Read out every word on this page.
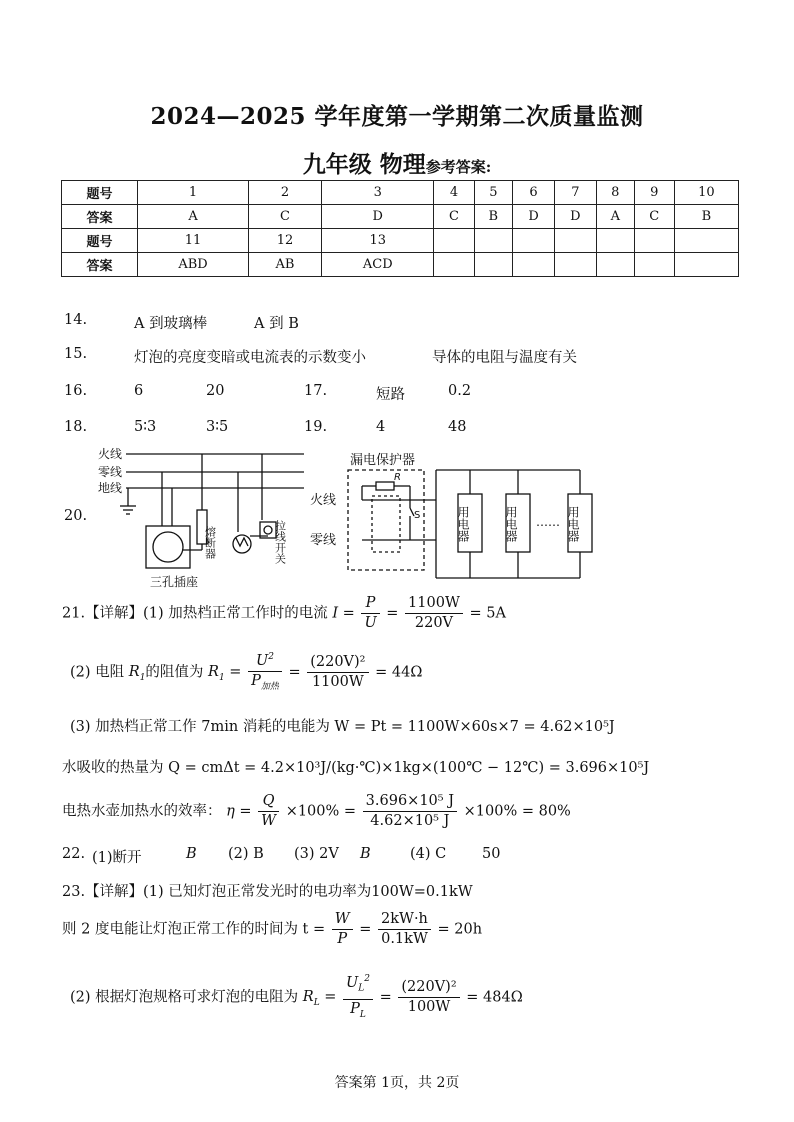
2024—2025 学年度第一学期第二次质量监测
九年级 物理参考答案:
题号	1	2	3	4	5	6	7	8	9	10
答案	A	C	D	C	B	D	D	A	C	B
题号	11	12	13							
答案	ABD	AB	ACD							
14.	A 到玻璃棒	A 到 B
15.	灯泡的亮度变暗或电流表的示数变小	导体的电阻与温度有关
16.	6	20	17.	短路	0.2
18.	5∶3	3∶5	19.	4	48
20.
火线
零线
地线
三孔插座
熔断器	拉线开关
漏电保护器
火线
零线
R
S	用电器	用电器	用电器
……
21.【详解】(1) 加热档正常工作时的电流 $I = \frac{P}{U} = \frac{1100W}{220V} = 5A$
(2) 电阻 $R_1$的阻值为 $R_1 = \frac{U^2}{P_{加热}} = \frac{\text{(220V)²}}{1100W} = 44\Omega$
(3) 加热档正常工作 7min 消耗的电能为 W = Pt = 1100W×60s×7 = 4.62×10⁵J
水吸收的热量为 Q = cmΔt = 4.2×10³J/(kg·℃)×1kg×(100℃ − 12℃) = 3.696×10⁵J
电热水壶加热水的效率： $\eta = \frac{Q}{W} \times 100\% = \frac{\text{3.696×10⁵ J}}{\text{4.62×10⁵ J}} \times 100\% = 80\%$
22. (1)断开	B (2) B (3) 2V B	(4) C 50
23.【详解】(1) 已知灯泡正常发光时的电功率为100W=0.1kW
则 2 度电能让灯泡正常工作的时间为 $t = \frac{W}{P} = \frac{2kW\cdot h}{0.1kW} = 20h$
(2) 根据灯泡规格可求灯泡的电阻为 $R_L = \frac{U_L^2}{P_L} = \frac{\text{(220V)²}}{100W} = 484\Omega$
答案第 1页，共 2页
